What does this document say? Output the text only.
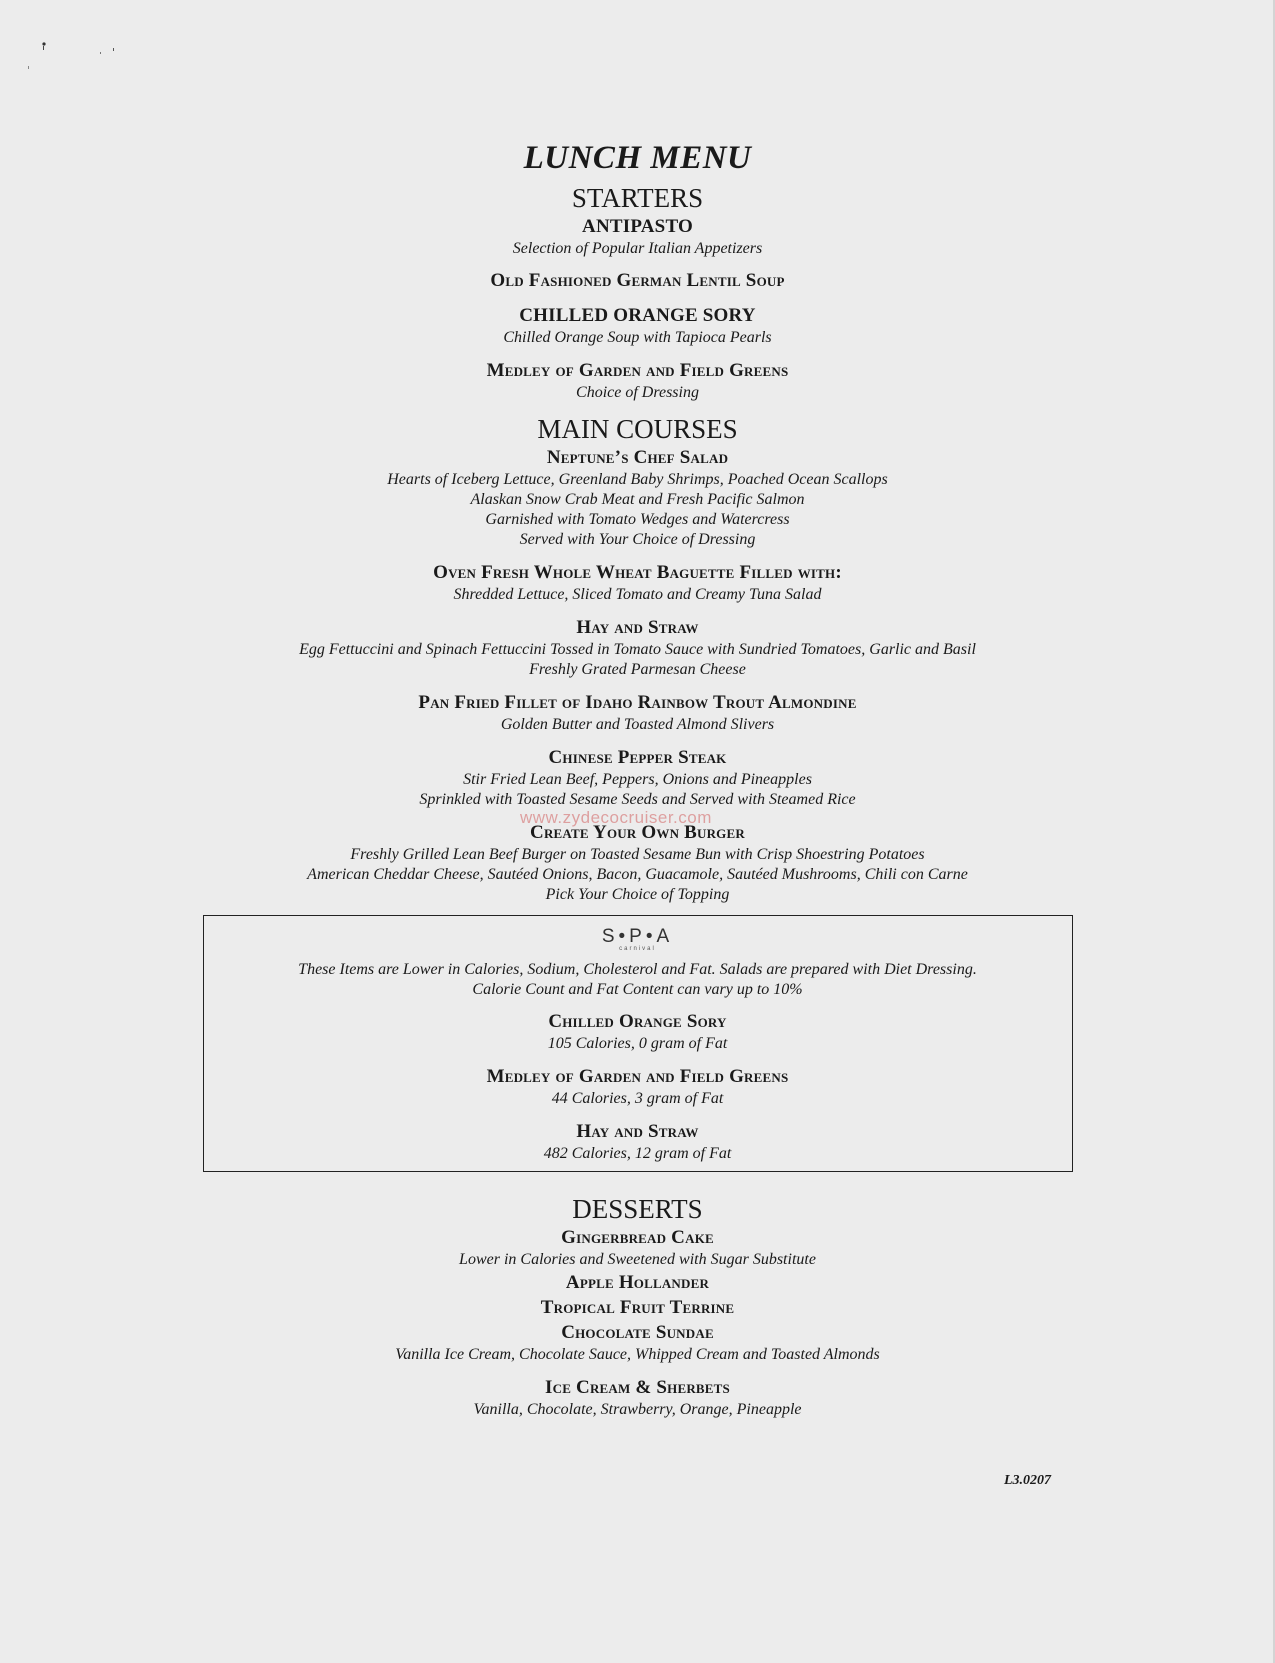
LUNCH MENU
STARTERS
ANTIPASTO
Selection of Popular Italian Appetizers
Old Fashioned German Lentil Soup
CHILLED ORANGE SORY
Chilled Orange Soup with Tapioca Pearls
Medley of Garden and Field Greens
Choice of Dressing
MAIN COURSES
Neptune’s Chef Salad
Hearts of Iceberg Lettuce, Greenland Baby Shrimps, Poached Ocean Scallops
Alaskan Snow Crab Meat and Fresh Pacific Salmon
Garnished with Tomato Wedges and Watercress
Served with Your Choice of Dressing
Oven Fresh Whole Wheat Baguette Filled with:
Shredded Lettuce, Sliced Tomato and Creamy Tuna Salad
Hay and Straw
Egg Fettuccini and Spinach Fettuccini Tossed in Tomato Sauce with Sundried Tomatoes, Garlic and Basil
Freshly Grated Parmesan Cheese
Pan Fried Fillet of Idaho Rainbow Trout Almondine
Golden Butter and Toasted Almond Slivers
Chinese Pepper Steak
Stir Fried Lean Beef, Peppers, Onions and Pineapples
Sprinkled with Toasted Sesame Seeds and Served with Steamed Rice
Create Your Own Burger
Freshly Grilled Lean Beef Burger on Toasted Sesame Bun with Crisp Shoestring Potatoes
American Cheddar Cheese, Sautéed Onions, Bacon, Guacamole, Sautéed Mushrooms, Chili con Carne
Pick Your Choice of Topping
S•P•A
carnival
These Items are Lower in Calories, Sodium, Cholesterol and Fat. Salads are prepared with Diet Dressing.
Calorie Count and Fat Content can vary up to 10%
Chilled Orange Sory
105 Calories, 0 gram of Fat
Medley of Garden and Field Greens
44 Calories, 3 gram of Fat
Hay and Straw
482 Calories, 12 gram of Fat
DESSERTS
Gingerbread Cake
Lower in Calories and Sweetened with Sugar Substitute
Apple Hollander
Tropical Fruit Terrine
Chocolate Sundae
Vanilla Ice Cream, Chocolate Sauce, Whipped Cream and Toasted Almonds
Ice Cream & Sherbets
Vanilla, Chocolate, Strawberry, Orange, Pineapple
www.zydecocruiser.com
L3.0207
